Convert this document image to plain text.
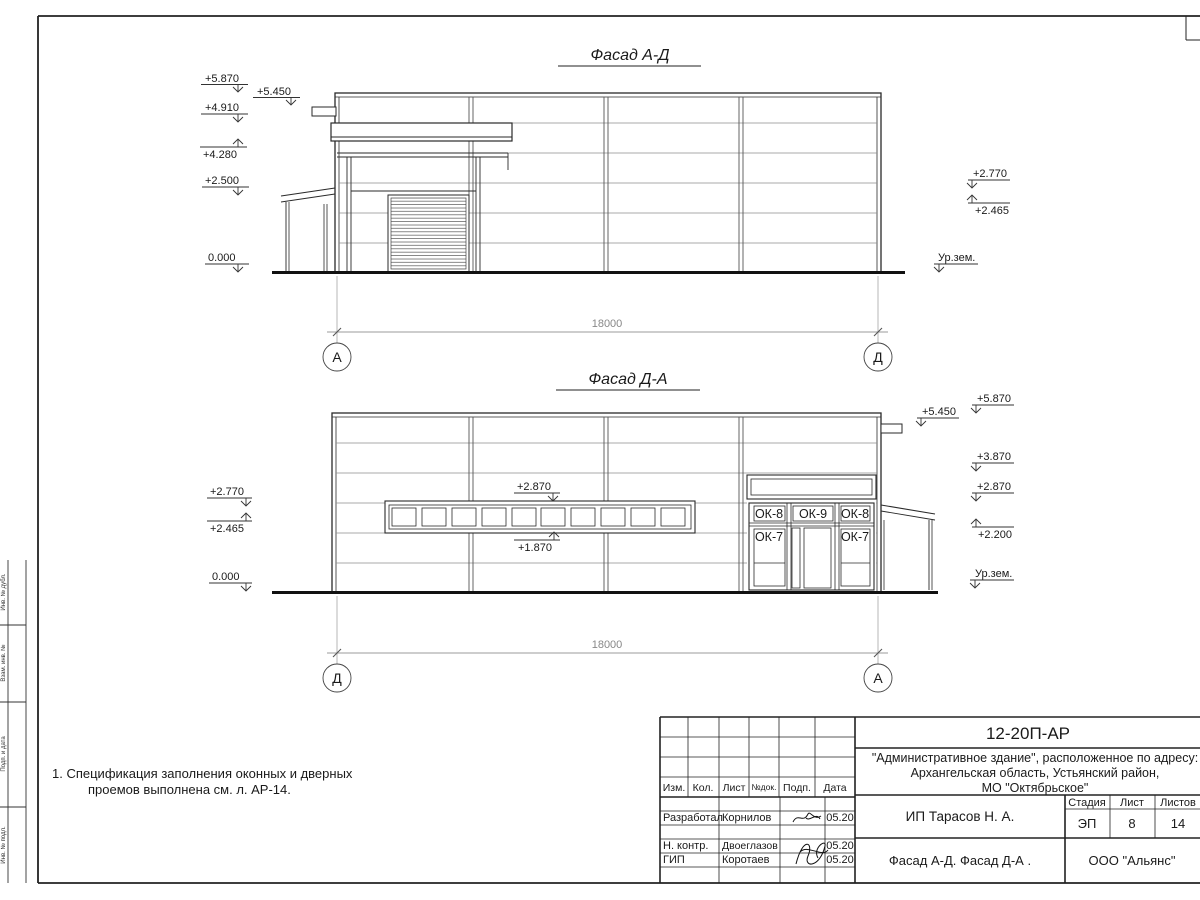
Инв. № дубл.
Взам. инв. №
Подп. и дата
Инв. № подл.
Фасад А-Д
+5.870
+5.450
+4.910
+4.280
+2.500
0.000
+2.770
+2.465
Ур.зем.
18000
А	Д
Фасад Д-А
ОК-8 ОК-9 ОК-8
ОК-7	ОК-7
+2.870
+1.870
+2.770
+2.465
0.000
+5.870
+5.450
+3.870
+2.870
+2.200
Ур.зем.
18000
Д	А
1. Спецификация заполнения оконных и дверных
проемов выполнена см. л. АР-14.	Изм. Кол. Лист №док. Подп. Дата
Разработал Корнилов	05.20
Н. контр. Двоеглазов	05.20
ГИП	Коротаев	05.20
12-20П-АР
"Административное здание", расположенное по адресу:
Архангельская область, Устьянский район,
МО "Октябрьское"
ИП Тарасов Н. А.
Фасад А-Д. Фасад Д-А .	ООО "Альянс"
Стадия Лист Листов
ЭП 8	14
